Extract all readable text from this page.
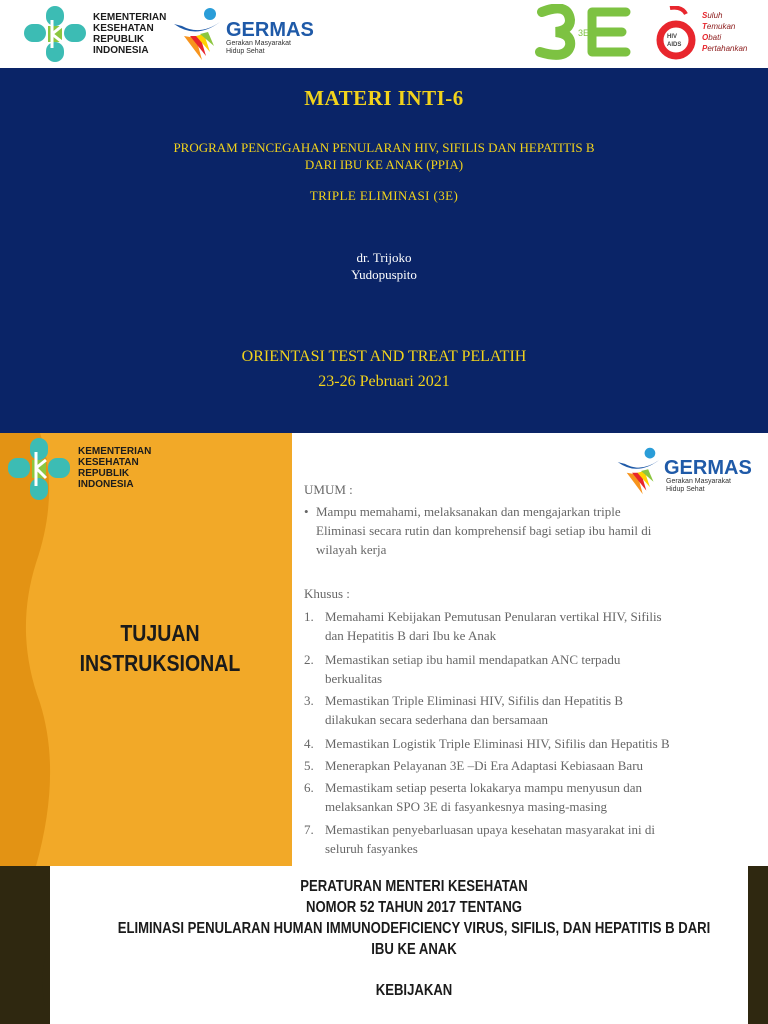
KEMENTERIAN
KESEHATAN
REPUBLIK
INDONESIA
GERMAS
Gerakan Masyarakat
Hidup Sehat
3E	HIV
AIDS
Suluh
Temukan
Obati
Pertahankan
MATERI INTI-6
PROGRAM PENCEGAHAN PENULARAN HIV, SIFILIS DAN HEPATITIS B
DARI IBU KE ANAK (PPIA)
TRIPLE ELIMINASI (3E)
dr. Trijoko
Yudopuspito
ORIENTASI TEST AND TREAT PELATIH
23-26 Pebruari 2021
KEMENTERIAN
KESEHATAN
REPUBLIK
INDONESIA
GERMAS
Gerakan Masyarakat
Hidup Sehat
TUJUAN
INSTRUKSIONAL
UMUM :
• Mampu memahami, melaksanakan dan mengajarkan triple
Eliminasi secara rutin dan komprehensif bagi setiap ibu hamil di
wilayah kerja
Khusus :
1. Memahami Kebijakan Pemutusan Penularan vertikal HIV, Sifilis
dan Hepatitis B dari Ibu ke Anak
2. Memastikan setiap ibu hamil mendapatkan ANC terpadu
berkualitas
3. Memastikan Triple Eliminasi HIV, Sifilis dan Hepatitis B
dilakukan secara sederhana dan bersamaan
4. Memastikan Logistik Triple Eliminasi HIV, Sifilis dan Hepatitis B
5. Menerapkan Pelayanan 3E –Di Era Adaptasi Kebiasaan Baru
6. Memastikam setiap peserta lokakarya mampu menyusun dan
melaksankan SPO 3E di fasyankesnya masing-masing
7. Memastikan penyebarluasan upaya kesehatan masyarakat ini di
seluruh fasyankes
PERATURAN MENTERI KESEHATAN
NOMOR 52 TAHUN 2017 TENTANG
ELIMINASI PENULARAN HUMAN IMMUNODEFICIENCY VIRUS, SIFILIS, DAN HEPATITIS B DARI
IBU KE ANAK
KEBIJAKAN
